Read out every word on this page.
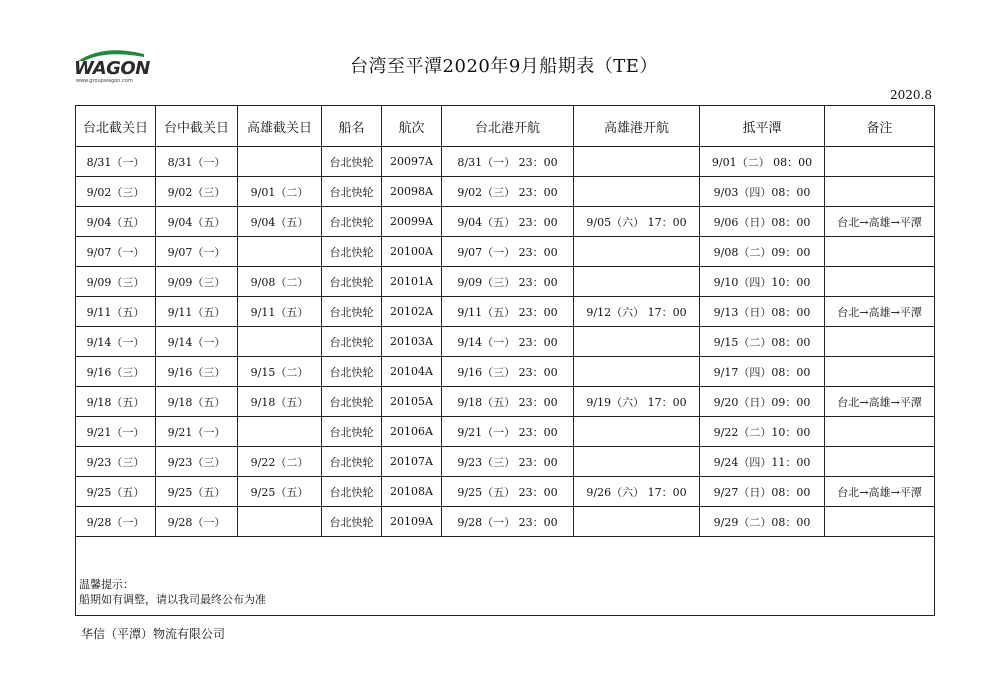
WAGON
www.groupwagon.com
台湾至平潭2020年9月船期表（TE）
2020.8
台北截关日	台中截关日	高雄截关日	船名	航次	台北港开航	高雄港开航	抵平潭	备注
8/31（一）	8/31（一）		台北快轮	20097A	8/31（一） 23：00		9/01（二） 08：00	
9/02（三）	9/02（三）	9/01（二）	台北快轮	20098A	9/02（三） 23：00		9/03（四）08：00	
9/04（五）	9/04（五）	9/04（五）	台北快轮	20099A	9/04（五） 23：00	9/05（六） 17：00	9/06（日）08：00	台北→高雄→平潭
9/07（一）	9/07（一）		台北快轮	20100A	9/07（一） 23：00		9/08（二）09：00	
9/09（三）	9/09（三）	9/08（二）	台北快轮	20101A	9/09（三） 23：00		9/10（四）10：00	
9/11（五）	9/11（五）	9/11（五）	台北快轮	20102A	9/11（五） 23：00	9/12（六） 17：00	9/13（日）08：00	台北→高雄→平潭
9/14（一）	9/14（一）		台北快轮	20103A	9/14（一） 23：00		9/15（二）08：00	
9/16（三）	9/16（三）	9/15（二）	台北快轮	20104A	9/16（三） 23：00		9/17（四）08：00	
9/18（五）	9/18（五）	9/18（五）	台北快轮	20105A	9/18（五） 23：00	9/19（六） 17：00	9/20（日）09：00	台北→高雄→平潭
9/21（一）	9/21（一）		台北快轮	20106A	9/21（一） 23：00		9/22（二）10：00	
9/23（三）	9/23（三）	9/22（二）	台北快轮	20107A	9/23（三） 23：00		9/24（四）11：00	
9/25（五）	9/25（五）	9/25（五）	台北快轮	20108A	9/25（五） 23：00	9/26（六） 17：00	9/27（日）08：00	台北→高雄→平潭
9/28（一）	9/28（一）		台北快轮	20109A	9/28（一） 23：00		9/29（二）08：00	

温馨提示：
船期如有调整，请以我司最终公布为准								
华信（平潭）物流有限公司
